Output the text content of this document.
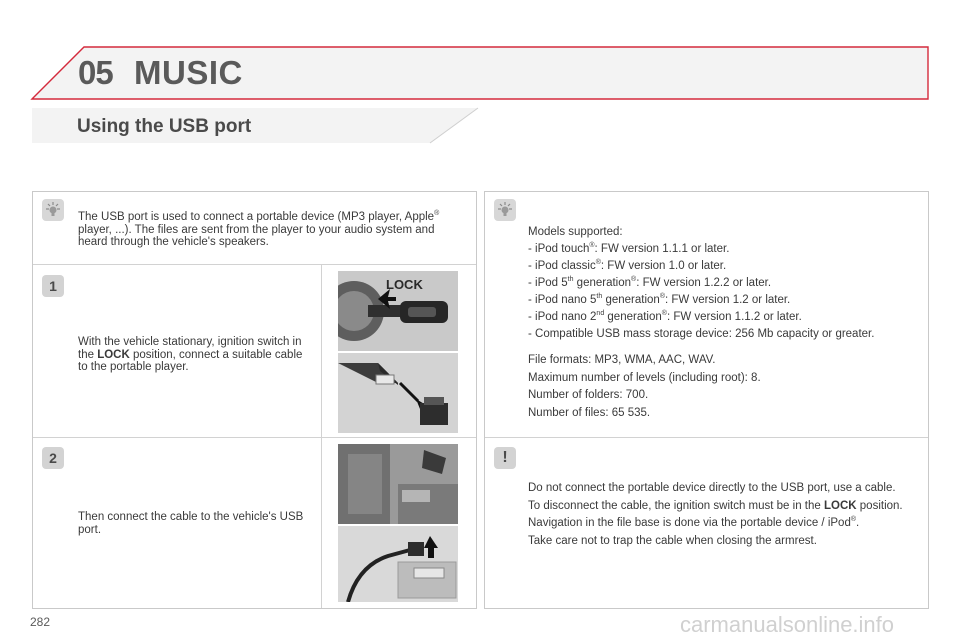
05 MUSIC
Using the USB port
The USB port is used to connect a portable device (MP3 player, Apple® player, ...). The files are sent from the player to your audio system and heard through the vehicle's speakers.
1
With the vehicle stationary, ignition switch in the LOCK position, connect a suitable cable to the portable player.
LOCK
2
Then connect the cable to the vehicle's USB port.
Models supported:
- iPod touch®: FW version 1.1.1 or later.
- iPod classic®: FW version 1.0 or later.
- iPod 5th generation®: FW version 1.2.2 or later.
- iPod nano 5th generation®: FW version 1.2 or later.
- iPod nano 2nd generation®: FW version 1.1.2 or later.
- Compatible USB mass storage device: 256 Mb capacity or greater.
File formats: MP3, WMA, AAC, WAV.
Maximum number of levels (including root): 8.
Number of folders: 700.
Number of files: 65 535.
!

Do not connect the portable device directly to the USB port, use a cable.

To disconnect the cable, the ignition switch must be in the LOCK position.

Navigation in the file base is done via the portable device / iPod®.

Take care not to trap the cable when closing the armrest.

282	carmanualsonline.info
